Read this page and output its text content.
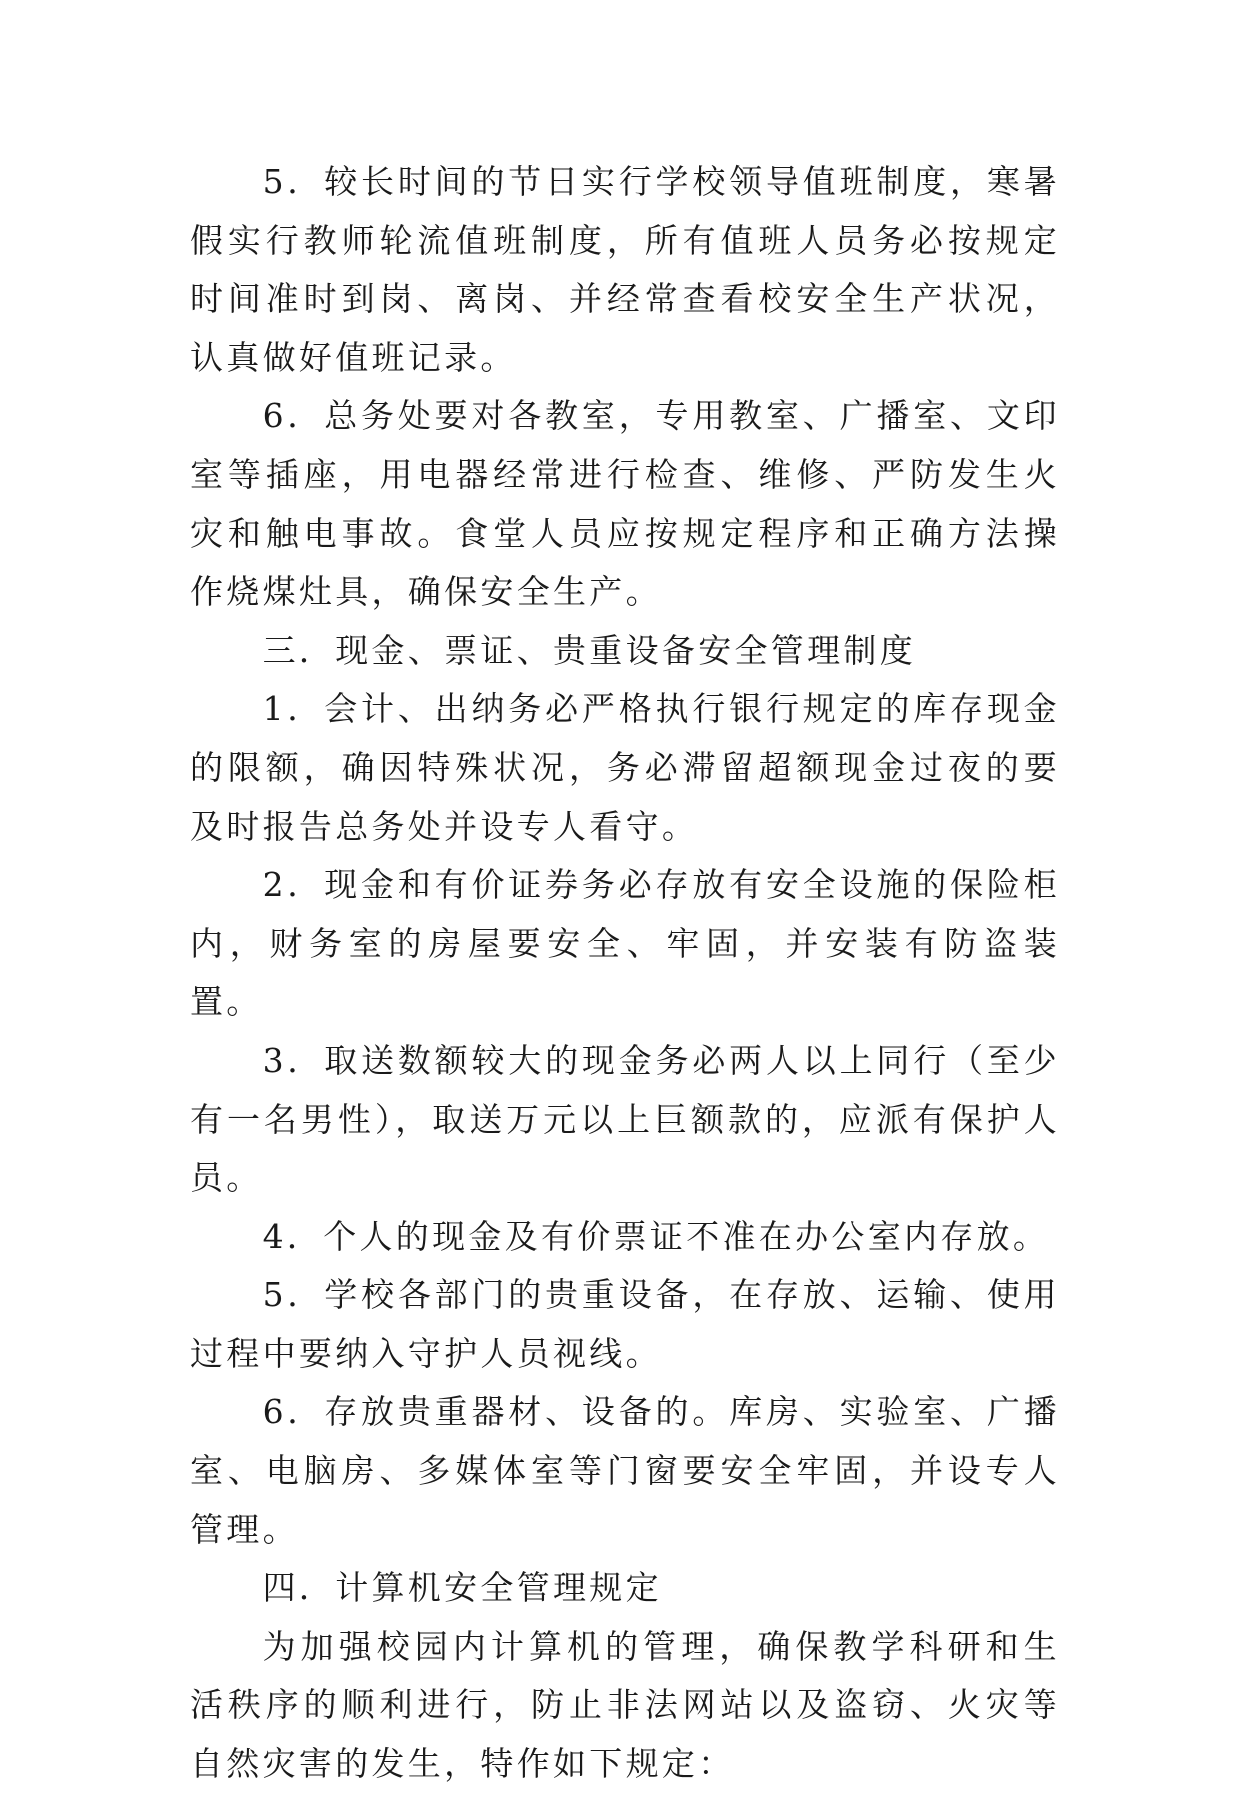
5．较长时间的节日实行学校领导值班制度，寒暑假实行教师轮流值班制度，所有值班人员务必按规定时间准时到岗、离岗、并经常查看校安全生产状况，认真做好值班记录。

6．总务处要对各教室，专用教室、广播室、文印室等插座，用电器经常进行检查、维修、严防发生火灾和触电事故。食堂人员应按规定程序和正确方法操作烧煤灶具，确保安全生产。

三．现金、票证、贵重设备安全管理制度

1．会计、出纳务必严格执行银行规定的库存现金的限额，确因特殊状况，务必滞留超额现金过夜的要及时报告总务处并设专人看守。

2．现金和有价证券务必存放有安全设施的保险柜内，财务室的房屋要安全、牢固，并安装有防盗装置。

3．取送数额较大的现金务必两人以上同行（至少有一名男性），取送万元以上巨额款的，应派有保护人员。

4．个人的现金及有价票证不准在办公室内存放。

5．学校各部门的贵重设备，在存放、运输、使用过程中要纳入守护人员视线。

6．存放贵重器材、设备的。库房、实验室、广播室、电脑房、多媒体室等门窗要安全牢固，并设专人管理。

四．计算机安全管理规定

为加强校园内计算机的管理，确保教学科研和生活秩序的顺利进行，防止非法网站以及盗窃、火灾等自然灾害的发生，特作如下规定：
